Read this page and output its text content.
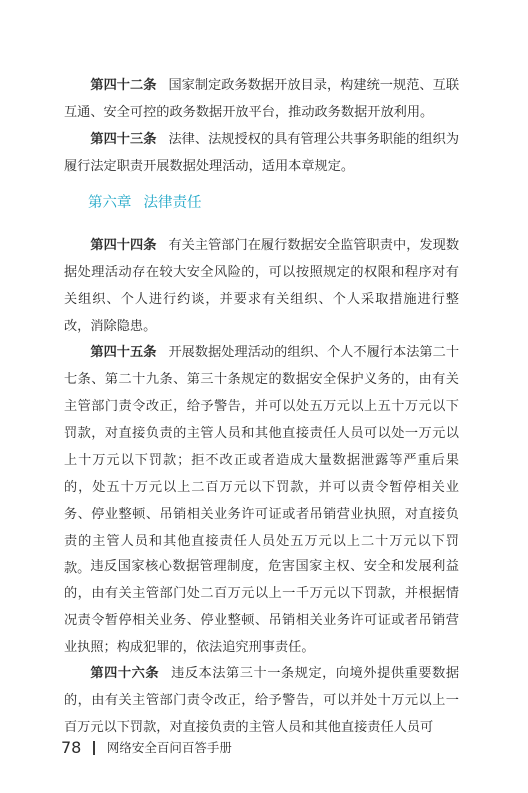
第四十二条 国家制定政务数据开放目录，构建统一规范、互联互通、安全可控的政务数据开放平台，推动政务数据开放利用。

第四十三条 法律、法规授权的具有管理公共事务职能的组织为履行法定职责开展数据处理活动，适用本章规定。

第六章 法律责任

第四十四条 有关主管部门在履行数据安全监管职责中，发现数据处理活动存在较大安全风险的，可以按照规定的权限和程序对有关组织、个人进行约谈，并要求有关组织、个人采取措施进行整改，消除隐患。

第四十五条 开展数据处理活动的组织、个人不履行本法第二十七条、第二十九条、第三十条规定的数据安全保护义务的，由有关主管部门责令改正，给予警告，并可以处五万元以上五十万元以下罚款，对直接负责的主管人员和其他直接责任人员可以处一万元以上十万元以下罚款；拒不改正或者造成大量数据泄露等严重后果的，处五十万元以上二百万元以下罚款，并可以责令暂停相关业务、停业整顿、吊销相关业务许可证或者吊销营业执照，对直接负责的主管人员和其他直接责任人员处五万元以上二十万元以下罚款。 违反国家核心数据管理制度，危害国家主权、安全和发展利益的，由有关主管部门处二百万元以上一千万元以下罚款，并根据情况责令暂停相关业务、停业整顿、吊销相关业务许可证或者吊销营业执照；构成犯罪的，依法追究刑事责任。

第四十六条 违反本法第三十一条规定，向境外提供重要数据的，由有关主管部门责令改正，给予警告，可以并处十万元以上一百万元以下罚款，对直接负责的主管人员和其他直接责任人员可

78 网络安全百问百答手册
